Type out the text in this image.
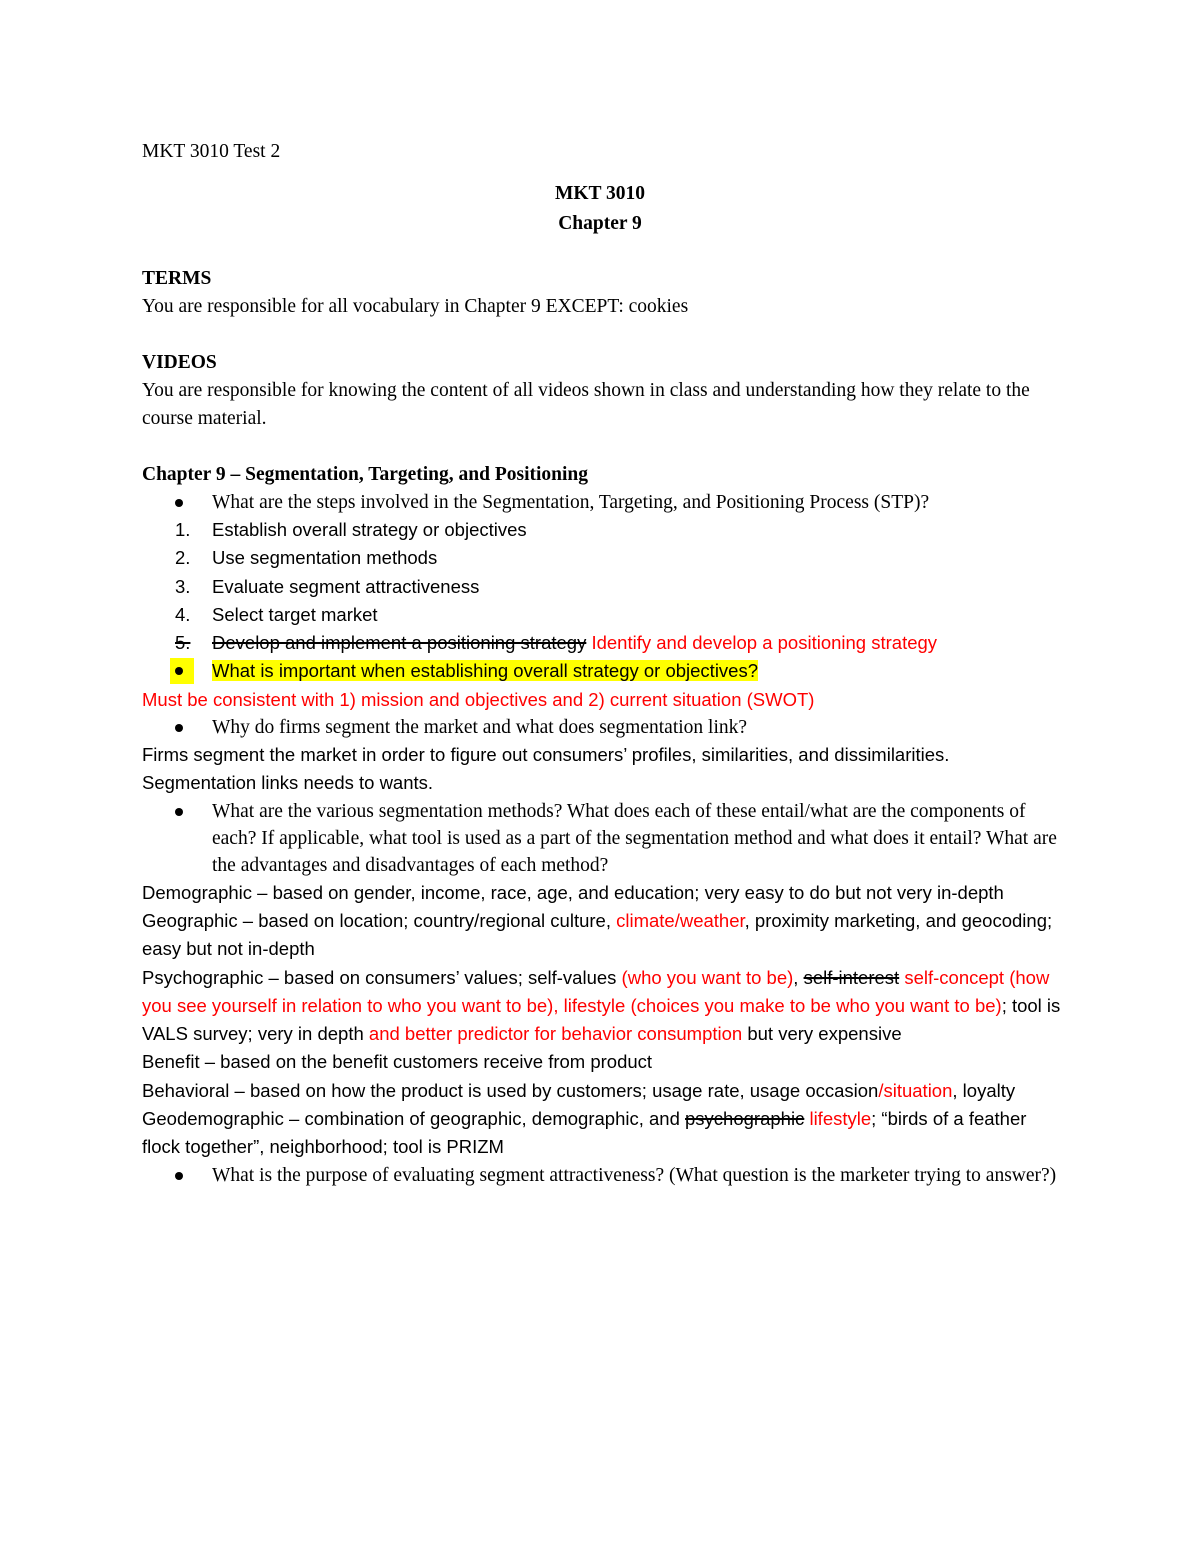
MKT 3010 Test 2
MKT 3010
Chapter 9
TERMS
You are responsible for all vocabulary in Chapter 9 EXCEPT: cookies
VIDEOS
You are responsible for knowing the content of all videos shown in class and understanding how they relate to the course material.
Chapter 9 – Segmentation, Targeting, and Positioning
What are the steps involved in the Segmentation, Targeting, and Positioning Process (STP)?
1. Establish overall strategy or objectives
2. Use segmentation methods
3. Evaluate segment attractiveness
4. Select target market
5. Develop and implement a positioning strategy Identify and develop a positioning strategy
What is important when establishing overall strategy or objectives?
Must be consistent with 1) mission and objectives and 2) current situation (SWOT)
Why do firms segment the market and what does segmentation link?
Firms segment the market in order to figure out consumers’ profiles, similarities, and dissimilarities. Segmentation links needs to wants.
What are the various segmentation methods? What does each of these entail/what are the components of each? If applicable, what tool is used as a part of the segmentation method and what does it entail? What are the advantages and disadvantages of each method?
Demographic – based on gender, income, race, age, and education; very easy to do but not very in-depth
Geographic – based on location; country/regional culture, climate/weather, proximity marketing, and geocoding; easy but not in-depth
Psychographic – based on consumers’ values; self-values (who you want to be), self-interest self-concept (how you see yourself in relation to who you want to be), lifestyle (choices you make to be who you want to be); tool is VALS survey; very in depth and better predictor for behavior consumption but very expensive
Benefit – based on the benefit customers receive from product
Behavioral – based on how the product is used by customers; usage rate, usage occasion/situation, loyalty
Geodemographic – combination of geographic, demographic, and psychographic lifestyle; “birds of a feather flock together”, neighborhood; tool is PRIZM
What is the purpose of evaluating segment attractiveness? (What question is the marketer trying to answer?)
